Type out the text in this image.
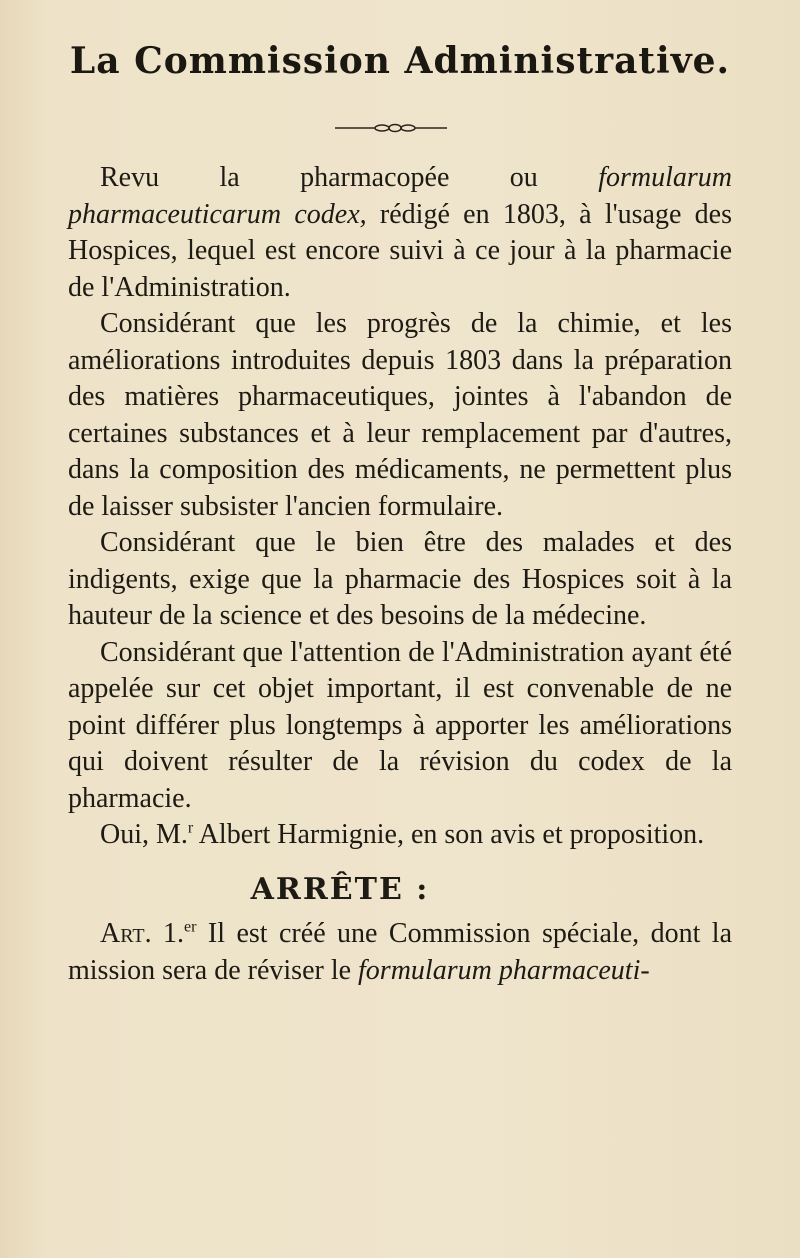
La Commission Administrative.

Revu la pharmacopée ou formularum pharmaceuticarum codex, rédigé en 1803, à l'usage des Hospices, lequel est encore suivi à ce jour à la pharmacie de l'Administration.

Considérant que les progrès de la chimie, et les améliorations introduites depuis 1803 dans la préparation des matières pharmaceutiques, jointes à l'abandon de certaines substances et à leur remplacement par d'autres, dans la composition des médicaments, ne permettent plus de laisser subsister l'ancien formulaire.

Considérant que le bien être des malades et des indigents, exige que la pharmacie des Hospices soit à la hauteur de la science et des besoins de la médecine.

Considérant que l'attention de l'Administration ayant été appelée sur cet objet important, il est convenable de ne point différer plus longtemps à apporter les améliorations qui doivent résulter de la révision du codex de la pharmacie.

Oui, M.$^r$ Albert Harmignie, en son avis et proposition.

ARRÊTE :

Art. 1.$^{er}$ Il est créé une Commission spéciale, dont la mission sera de réviser le formularum pharmaceuti-
